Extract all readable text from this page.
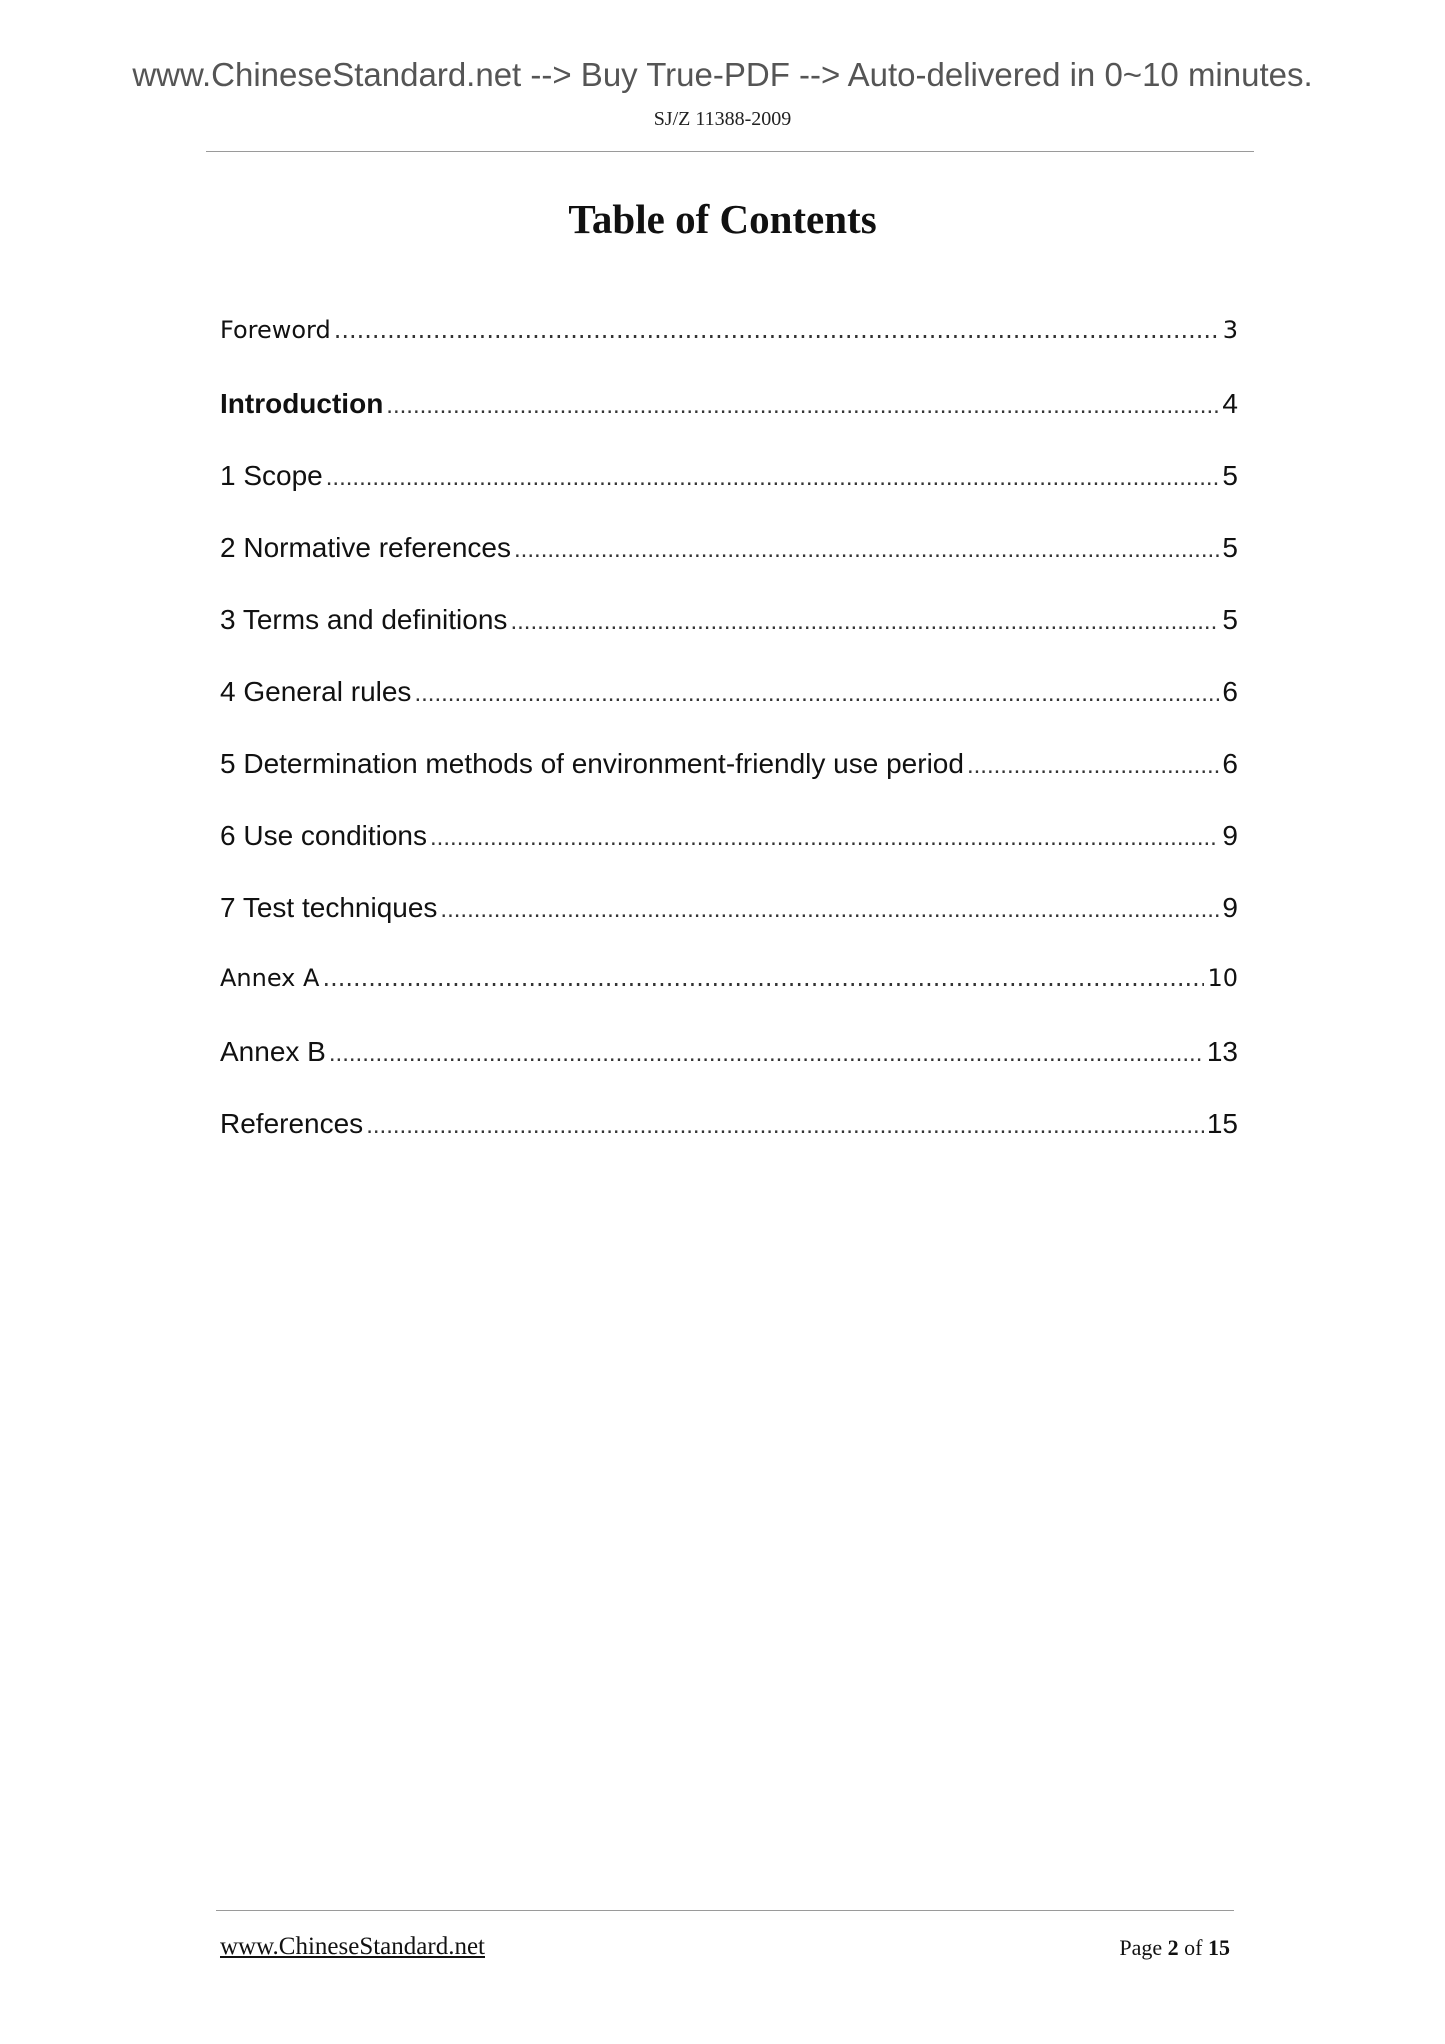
www.ChineseStandard.net --> Buy True-PDF --> Auto-delivered in 0~10 minutes.
SJ/Z 11388-2009
Table of Contents
Foreword .....	3
Introduction .....	4
1 Scope .....	5
2 Normative references .....	5
3 Terms and definitions .....	5
4 General rules .....	6
5 Determination methods of environment-friendly use period .....	6
6 Use conditions .....	9
7 Test techniques .....	9
Annex A .....	10
Annex B .....	13
References .....	15
www.ChineseStandard.net	Page 2 of 15
